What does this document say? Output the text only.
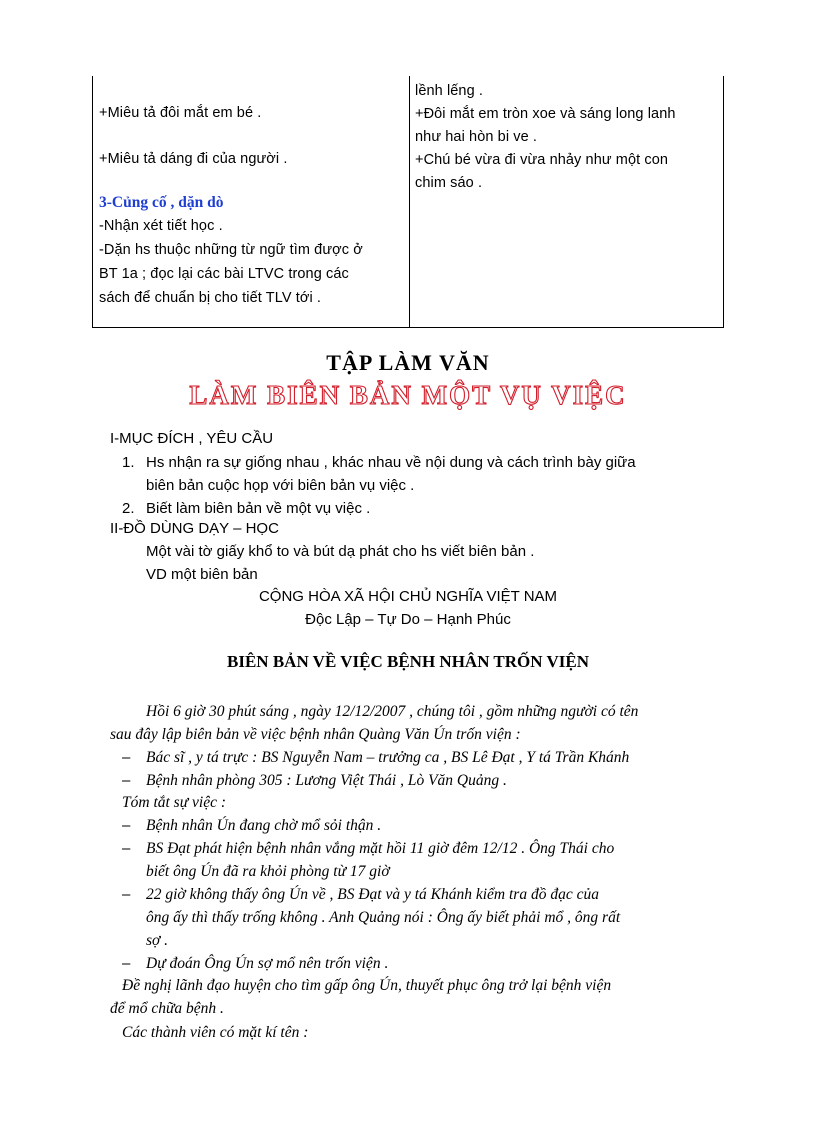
+Miêu tả đôi mắt em bé .
+Miêu tả dáng đi của người .
3-Củng cố , dặn dò
-Nhận xét tiết học .
-Dặn hs thuộc những từ ngữ tìm được ở
BT 1a ; đọc lại các bài LTVC trong các
sách để chuẩn bị cho tiết TLV tới .
lềnh lếng .
+Đôi mắt em tròn xoe và sáng long lanh
như hai hòn bi ve .
+Chú bé vừa đi vừa nhảy như một con
chim sáo .
TẬP LÀM VĂN
LÀM BIÊN BẢN MỘT VỤ VIỆC
I-MỤC ĐÍCH , YÊU CẦU
1. Hs nhận ra sự giống nhau , khác nhau về nội dung và cách trình bày giữa
biên bản cuộc họp với biên bản vụ việc .
2. Biết làm biên bản về một vụ việc .
II-ĐỒ DÙNG DẠY – HỌC
Một vài tờ giấy khổ to và bút dạ phát cho hs viết biên bản .
VD một biên bản
CỘNG HÒA XÃ HỘI CHỦ NGHĨA VIỆT NAM
Độc Lập – Tự Do – Hạnh Phúc
BIÊN BẢN VỀ VIỆC BỆNH NHÂN TRỐN VIỆN
Hồi 6 giờ 30 phút sáng , ngày 12/12/2007 , chúng tôi , gồm những người có tên
sau đây lập biên bản về việc bệnh nhân Quàng Văn Ún trốn viện :
– Bác sĩ , y tá trực : BS Nguyễn Nam – trưởng ca , BS Lê Đạt , Y tá Trần Khánh
– Bệnh nhân phòng 305 : Lương Việt Thái , Lò Văn Quảng .
Tóm tắt sự việc :
– Bệnh nhân Ún đang chờ mổ sỏi thận .
– BS Đạt phát hiện bệnh nhân vắng mặt hồi 11 giờ đêm 12/12 . Ông Thái cho
biết ông Ún đã ra khỏi phòng từ 17 giờ
– 22 giờ không thấy ông Ún về , BS Đạt và y tá Khánh kiểm tra đồ đạc của
ông ấy thì thấy trống không . Anh Quảng nói : Ông ấy biết phải mổ , ông rất
sợ .
– Dự đoán Ông Ún sợ mổ nên trốn viện .
Đề nghị lãnh đạo huyện cho tìm gấp ông Ún, thuyết phục ông trở lại bệnh viện
để mổ chữa bệnh .
Các thành viên có mặt kí tên :
